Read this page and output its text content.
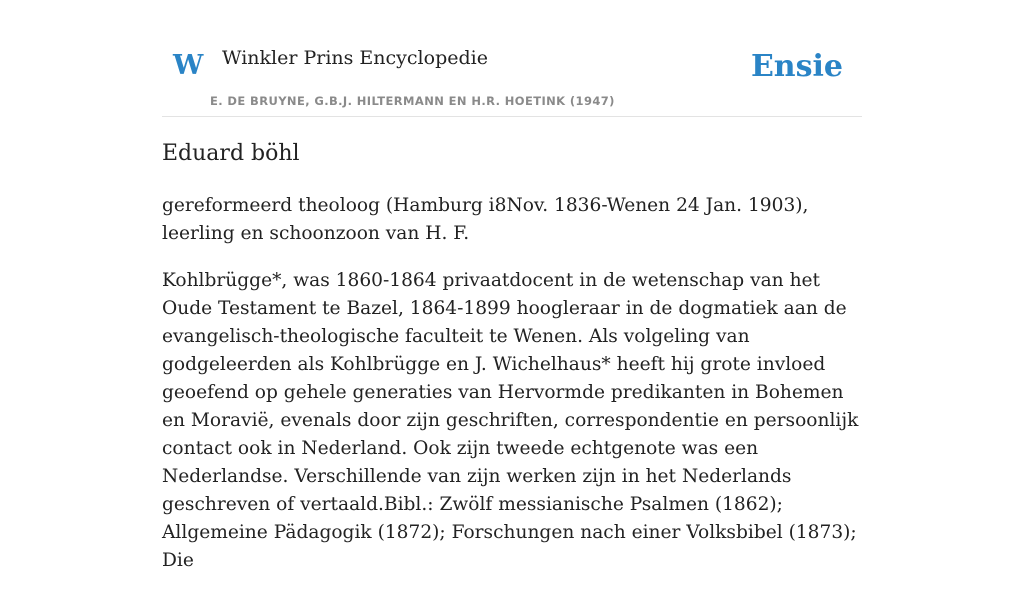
W Winkler Prins Encyclopedie
E. DE BRUYNE, G.B.J. HILTERMANN EN H.R. HOETINK (1947)
Ensie
Eduard böhl

gereformeerd theoloog (Hamburg i8Nov. 1836-Wenen 24 Jan. 1903), leerling en schoonzoon van H. F.

Kohlbrügge*, was 1860-1864 privaatdocent in de wetenschap van het Oude Testament te Bazel, 1864-1899 hoogleraar in de dogmatiek aan de evangelisch-theologische faculteit te Wenen. Als volgeling van godgeleerden als Kohlbrügge en J. Wichelhaus* heeft hij grote invloed geoefend op gehele generaties van Hervormde predikanten in Bohemen en Moravië, evenals door zijn geschriften, correspondentie en persoonlijk contact ook in Nederland. Ook zijn tweede echtgenote was een Nederlandse. Verschillende van zijn werken zijn in het Nederlands geschreven of vertaald.Bibl.: Zwölf messianische Psalmen (1862); Allgemeine Pädagogik (1872); Forschungen nach einer Volksbibel (1873); Die
